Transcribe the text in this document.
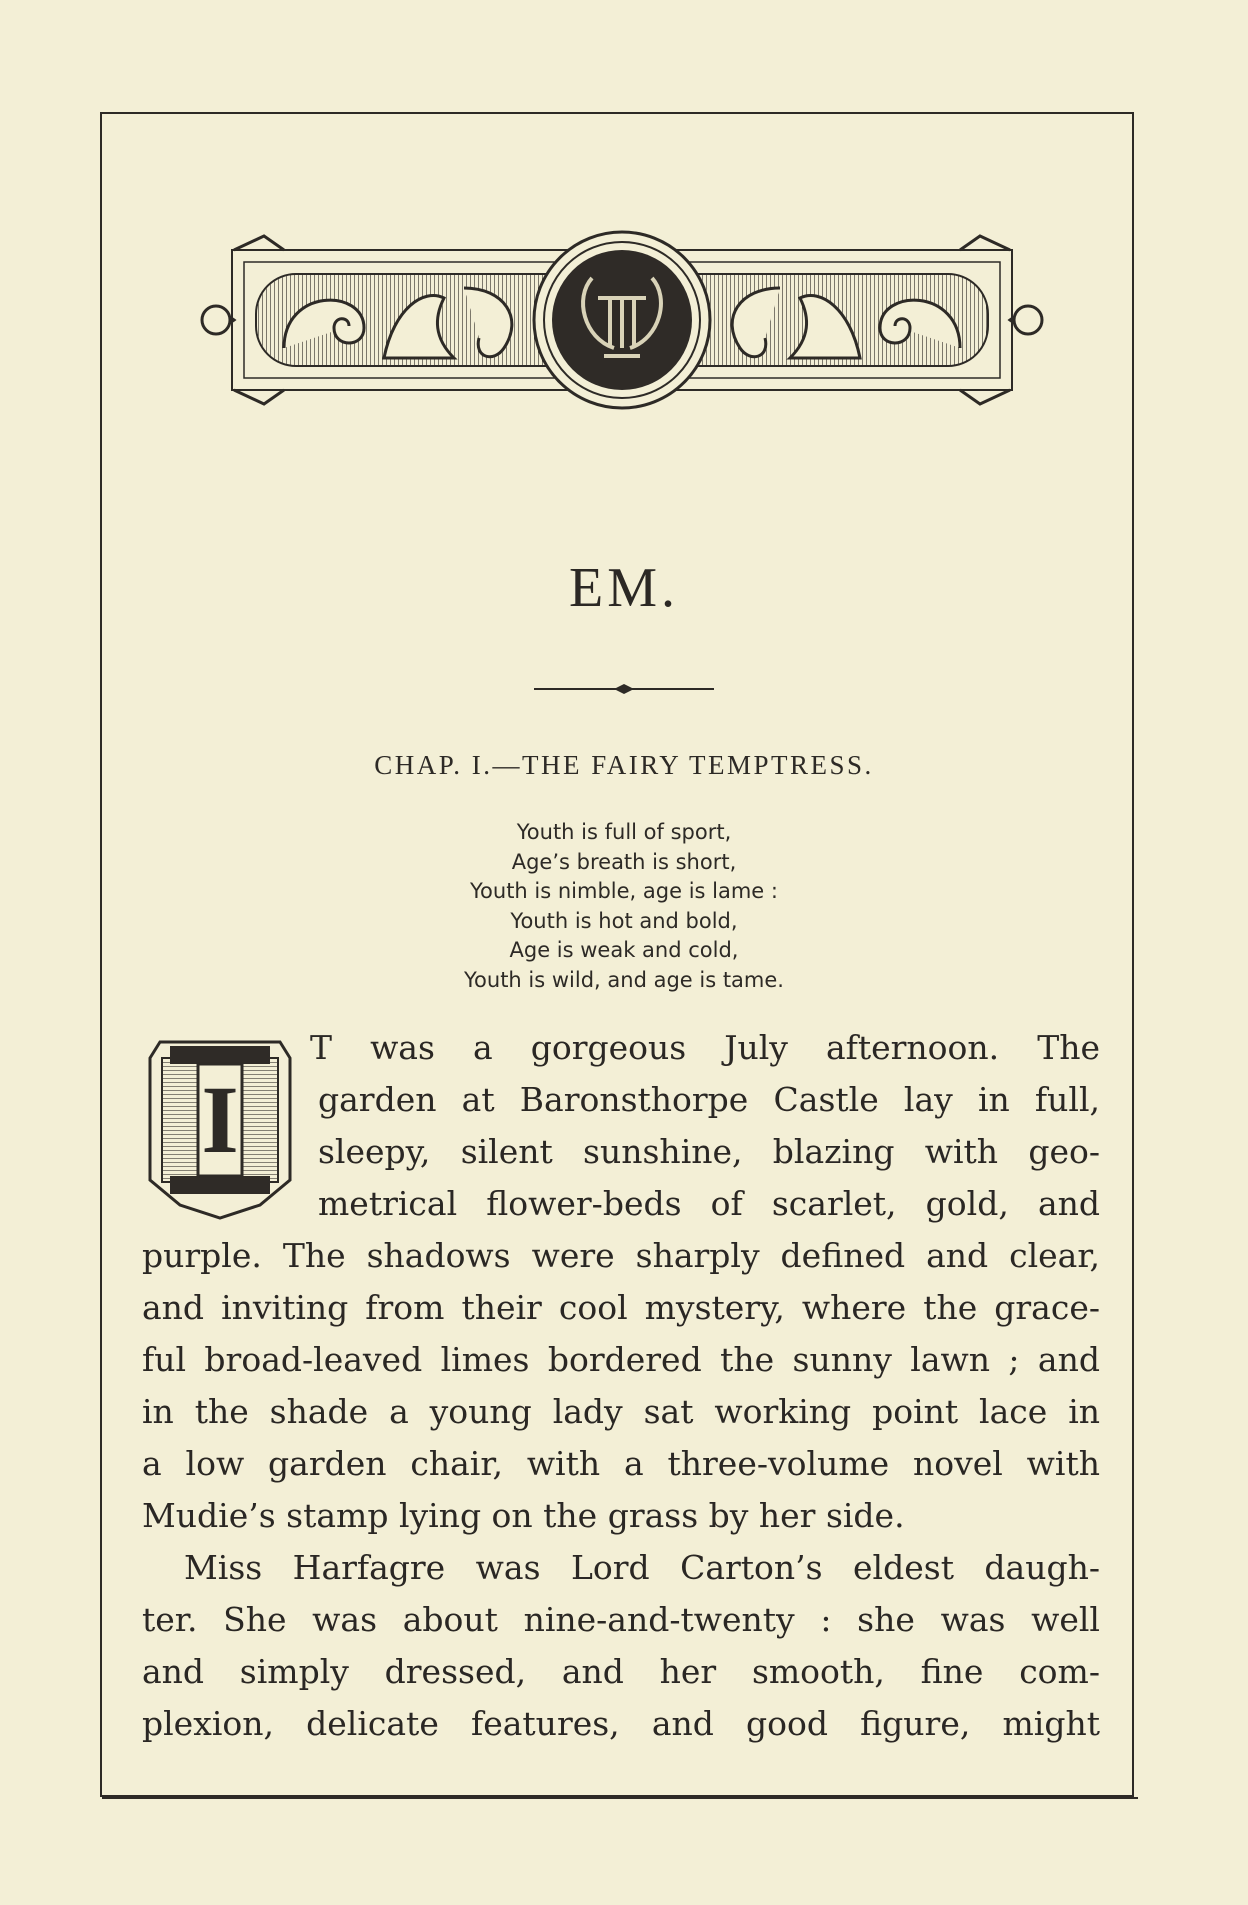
EM.
CHAP. I.—THE FAIRY TEMPTRESS.
Youth is full of sport,
Age’s breath is short,
Youth is nimble, age is lame :
Youth is hot and bold,
Age is weak and cold,
Youth is wild, and age is tame.
I
T was a gorgeous July afternoon. The
garden at Baronsthorpe Castle lay in full,
sleepy, silent sunshine, blazing with geo-
metrical flower-beds of scarlet, gold, and
purple. The shadows were sharply defined and clear,
and inviting from their cool mystery, where the grace-
ful broad-leaved limes bordered the sunny lawn ; and
in the shade a young lady sat working point lace in
a low garden chair, with a three-volume novel with
Mudie’s stamp lying on the grass by her side.
Miss Harfagre was Lord Carton’s eldest daugh-
ter. She was about nine-and-twenty : she was well
and simply dressed, and her smooth, fine com-
plexion, delicate features, and good figure, might
